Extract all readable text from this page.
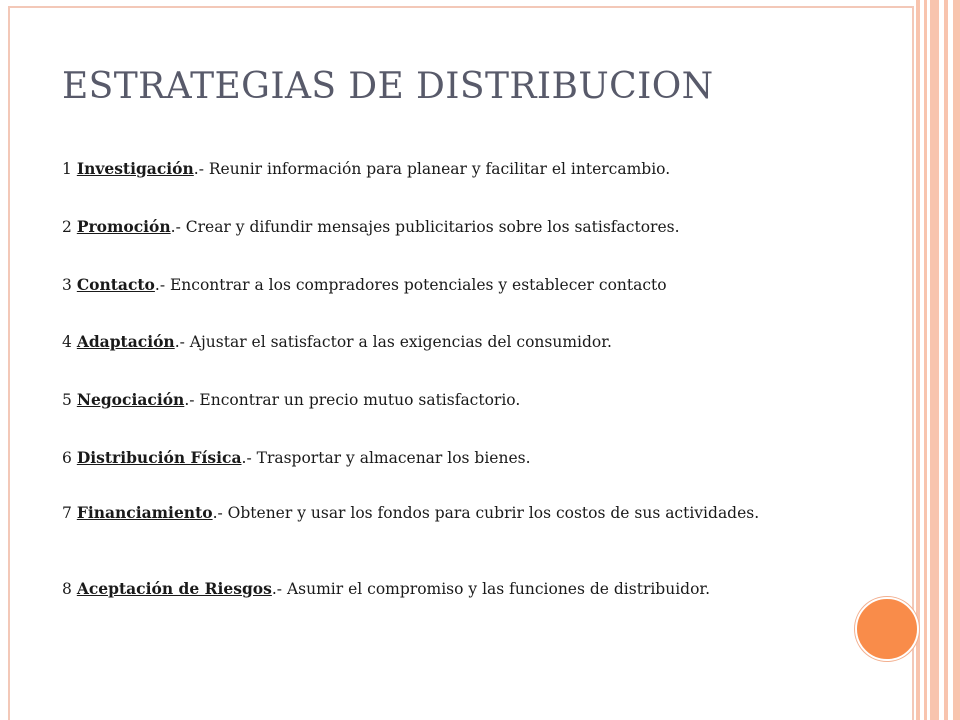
ESTRATEGIAS DE DISTRIBUCION
1 Investigación.- Reunir información para planear y facilitar el intercambio.
2 Promoción.- Crear y difundir mensajes publicitarios sobre los satisfactores.
3 Contacto.- Encontrar a los compradores potenciales y establecer contacto
4 Adaptación.- Ajustar el satisfactor a las exigencias del consumidor.
5 Negociación.- Encontrar un precio mutuo satisfactorio.
6 Distribución Física.- Trasportar y almacenar los bienes.
7 Financiamiento.- Obtener y usar los fondos para cubrir los costos de sus actividades.
8 Aceptación de Riesgos.- Asumir el compromiso y las funciones de distribuidor.
